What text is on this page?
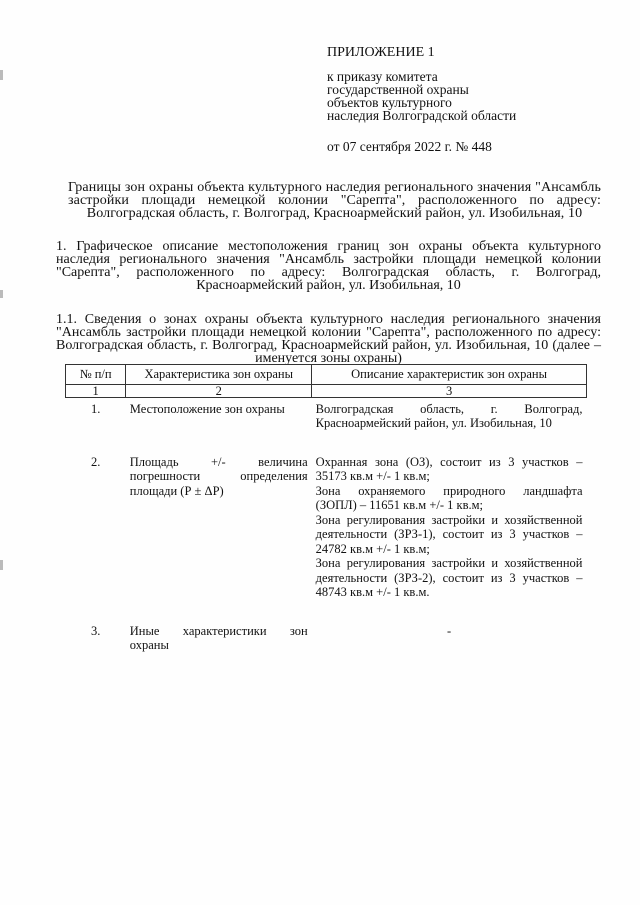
ПРИЛОЖЕНИЕ 1
к приказу комитета
государственной охраны
объектов культурного
наследия Волгоградской области
от 07 сентября 2022 г. № 448
Границы зон охраны объекта культурного наследия регионального значения "Ансамбль застройки площади немецкой колонии "Сарепта", расположенного по адресу: Волгоградская область, г. Волгоград, Красноармейский район, ул. Изобильная, 10
1. Графическое описание местоположения границ зон охраны объекта культурного наследия регионального значения "Ансамбль застройки площади немецкой колонии "Сарепта", расположенного по адресу: Волгоградская область, г. Волгоград, Красноармейский район, ул. Изобильная, 10
1.1. Сведения о зонах охраны объекта культурного наследия регионального значения "Ансамбль застройки площади немецкой колонии "Сарепта", расположенного по адресу: Волгоградская область, г. Волгоград, Красноармейский район, ул. Изобильная, 10 (далее – именуется зоны охраны)
№ п/п	Характеристика зон охраны	Описание характеристик зон охраны
1	2	3
1.	Местоположение зон охраны	Волгоградская область, г. Волгоград, Красноармейский район, ул. Изобильная, 10
2.	Площадь +/- величина погрешности определения площади (Р ± ΔР)	Охранная зона (ОЗ), состоит из 3 участков – 35173 кв.м +/- 1 кв.м;
Зона охраняемого природного ландшафта (ЗОПЛ) – 11651 кв.м +/- 1 кв.м;
Зона регулирования застройки и хозяйственной деятельности (ЗРЗ-1), состоит из 3 участков – 24782 кв.м +/- 1 кв.м;
Зона регулирования застройки и хозяйственной деятельности (ЗРЗ-2), состоит из 3 участков – 48743 кв.м +/- 1 кв.м.

3.	Иные характеристики зон охраны	-
